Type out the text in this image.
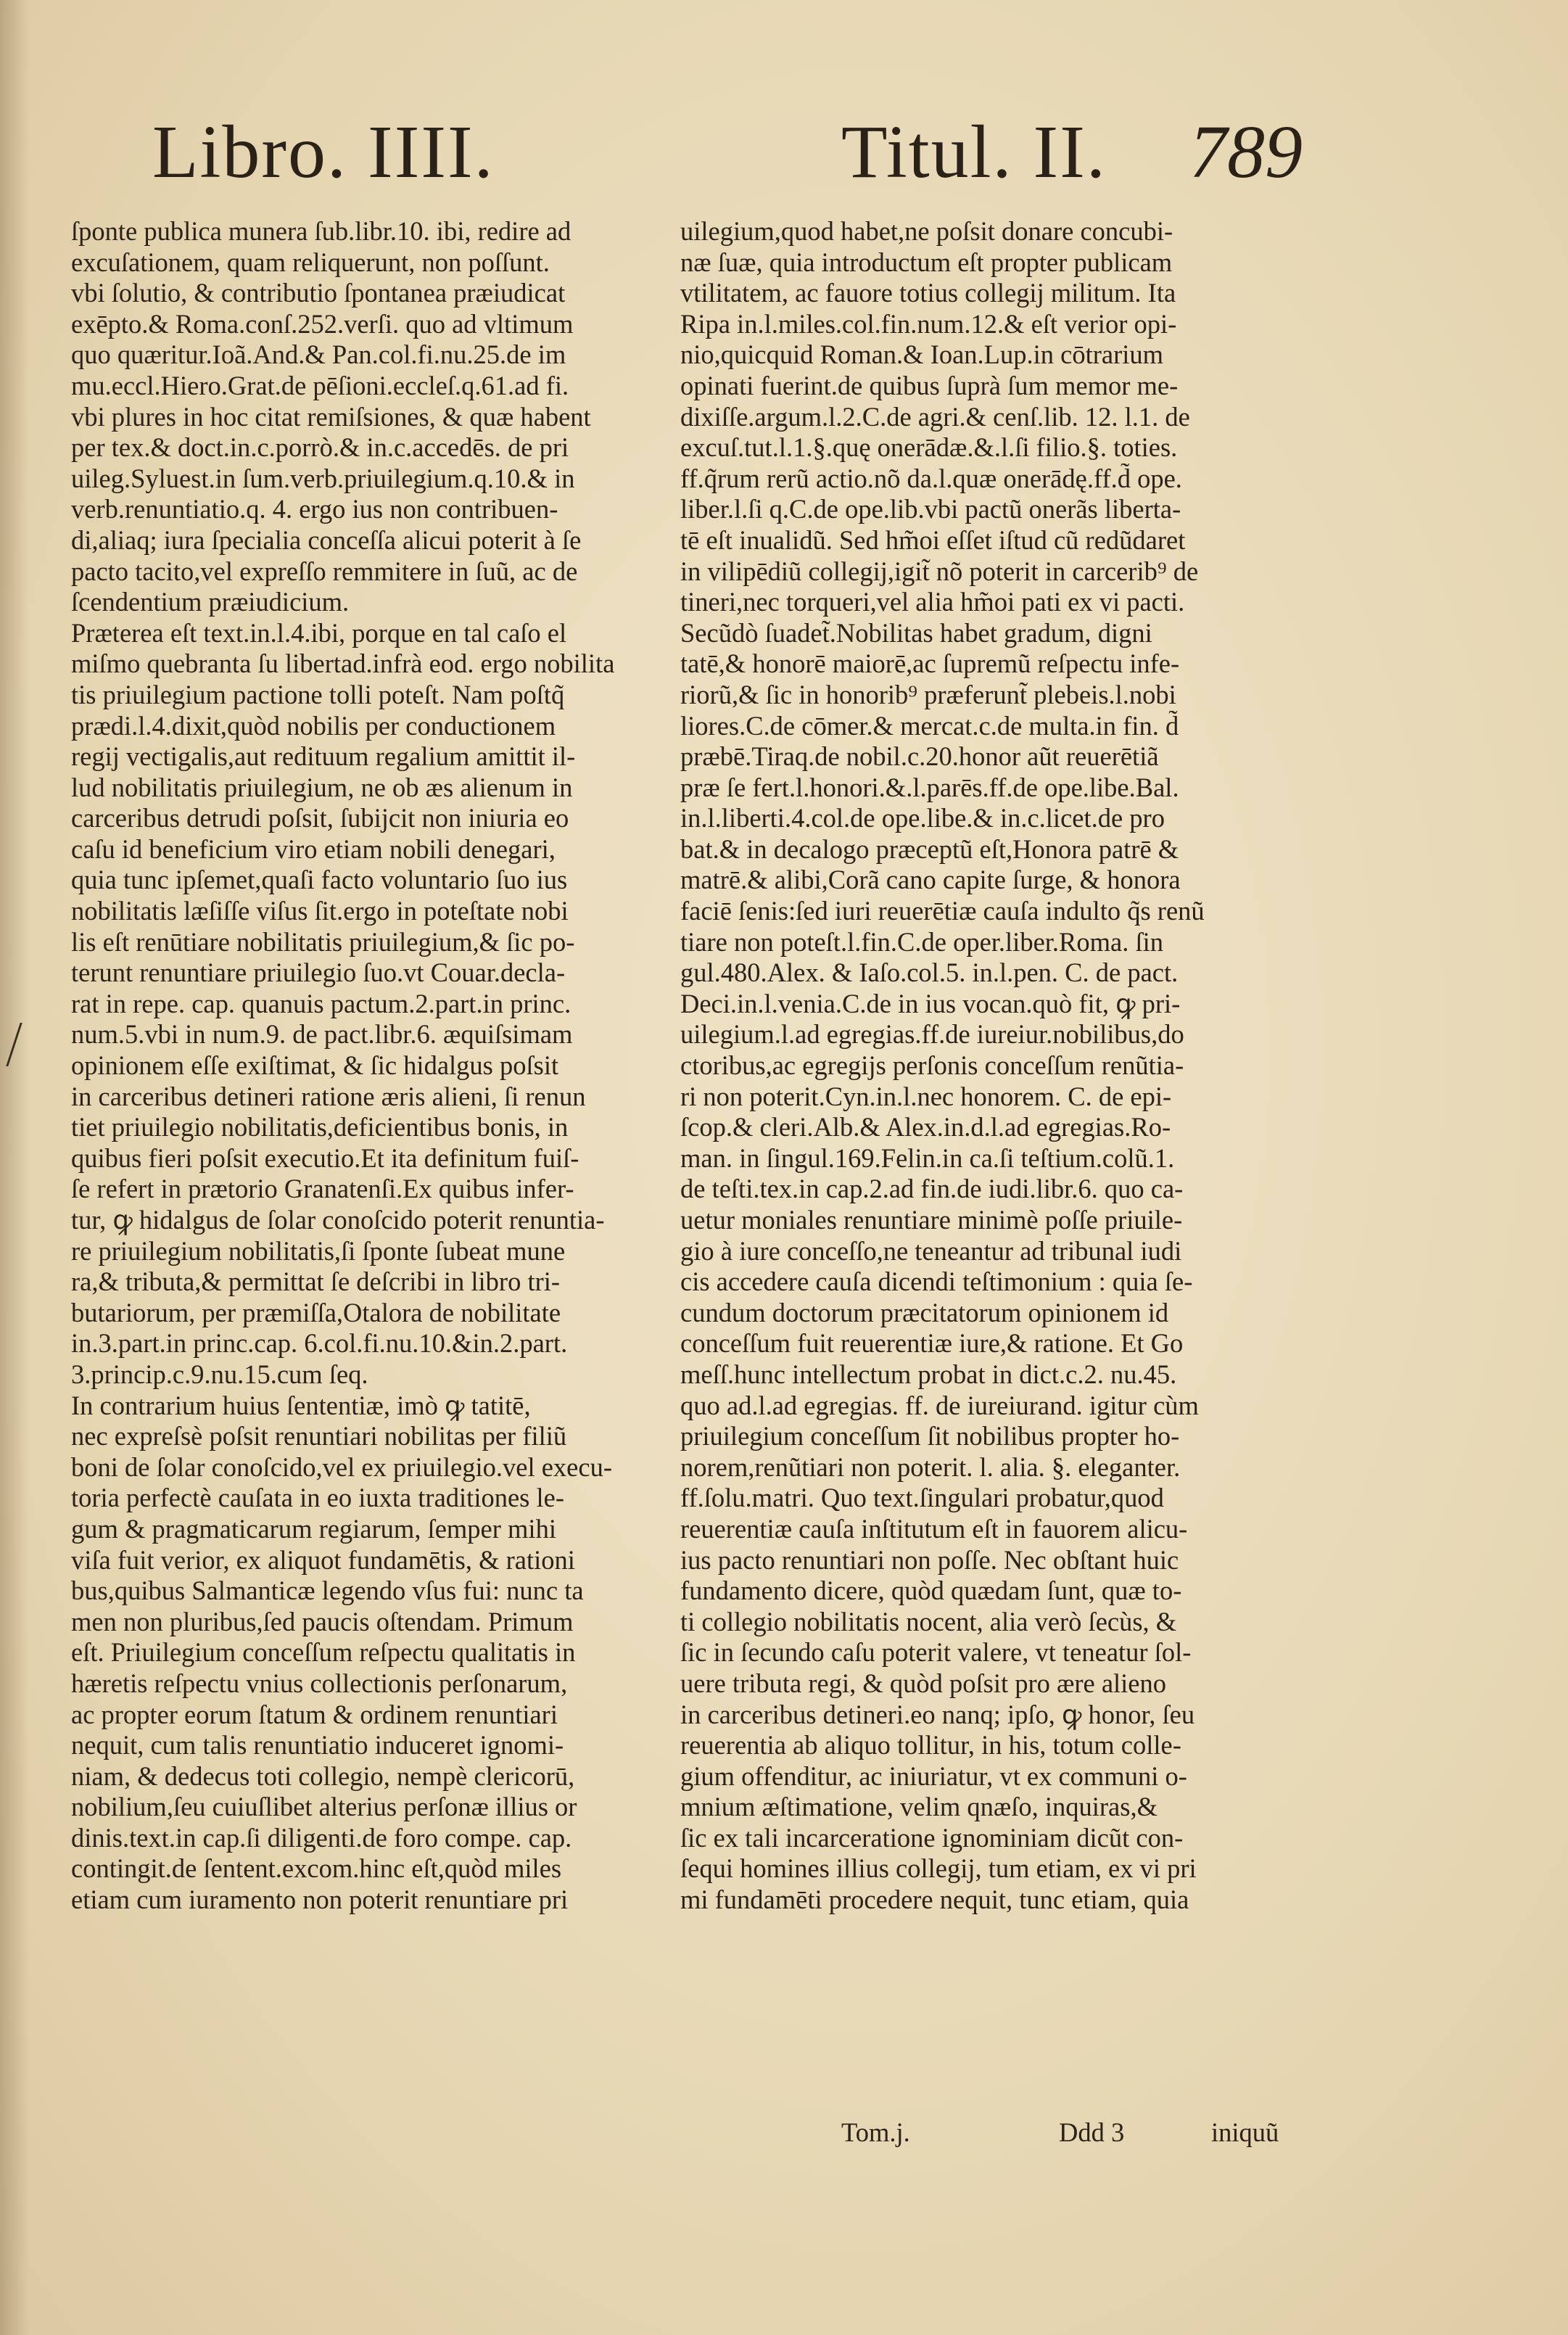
Libro. IIII.	Titul. II. 789
ſponte publica munera ſub.libr.10. ibi, redire ad
excuſationem, quam reliquerunt, non poſſunt.
vbi ſolutio, & contributio ſpontanea præiudicat
exēpto.& Roma.conſ.252.verſi. quo ad vltimum
quo quæritur.Ioã.And.& Pan.col.fi.nu.25.de im
mu.eccl.Hiero.Grat.de pēſioni.eccleſ.q.61.ad fi.
vbi plures in hoc citat remiſsiones, & quæ habent
per tex.& doct.in.c.porrò.& in.c.accedēs. de pri
uileg.Syluest.in ſum.verb.priuilegium.q.10.& in
verb.renuntiatio.q. 4. ergo ius non contribuen-
di,aliaq; iura ſpecialia conceſſa alicui poterit à ſe
pacto tacito,vel expreſſo remmitere in ſuũ, ac de
ſcendentium præiudicium.
Præterea eſt text.in.l.4.ibi, porque en tal caſo el
miſmo quebranta ſu libertad.infrà eod. ergo nobilita
tis priuilegium pactione tolli poteſt. Nam poſtq̃
prædi.l.4.dixit,quòd nobilis per conductionem
regij vectigalis,aut redituum regalium amittit il-
lud nobilitatis priuilegium, ne ob æs alienum in
carceribus detrudi poſsit, ſubijcit non iniuria eo
caſu id beneficium viro etiam nobili denegari,
quia tunc ipſemet,quaſi facto voluntario ſuo ius
nobilitatis læſiſſe viſus ſit.ergo in poteſtate nobi
lis eſt renūtiare nobilitatis priuilegium,& ſic po-
terunt renuntiare priuilegio ſuo.vt Couar.decla-
rat in repe. cap. quanuis pactum.2.part.in princ.
num.5.vbi in num.9. de pact.libr.6. æquiſsimam
opinionem eſſe exiſtimat, & ſic hidalgus poſsit
in carceribus detineri ratione æris alieni, ſi renun
tiet priuilegio nobilitatis,deficientibus bonis, in
quibus fieri poſsit executio.Et ita definitum fuiſ-
ſe refert in prætorio Granatenſi.Ex quibus infer-
tur, ꝙ hidalgus de ſolar conoſcido poterit renuntia-
re priuilegium nobilitatis,ſi ſponte ſubeat mune
ra,& tributa,& permittat ſe deſcribi in libro tri-
butariorum, per præmiſſa,Otalora de nobilitate
in.3.part.in princ.cap. 6.col.fi.nu.10.&in.2.part.
3.princip.c.9.nu.15.cum ſeq.
In contrarium huius ſententiæ, imò ꝙ tatitē,
nec expreſsè poſsit renuntiari nobilitas per filiũ
boni de ſolar conoſcido,vel ex priuilegio.vel execu-
toria perfectè cauſata in eo iuxta traditiones le-
gum & pragmaticarum regiarum, ſemper mihi
viſa fuit verior, ex aliquot fundamētis, & rationi
bus,quibus Salmanticæ legendo vſus fui: nunc ta
men non pluribus,ſed paucis oſtendam. Primum
eſt. Priuilegium conceſſum reſpectu qualitatis in
hæretis reſpectu vnius collectionis perſonarum,
ac propter eorum ſtatum & ordinem renuntiari
nequit, cum talis renuntiatio induceret ignomi-
niam, & dedecus toti collegio, nempè clericorū,
nobilium,ſeu cuiuſlibet alterius perſonæ illius or
dinis.text.in cap.ſi diligenti.de foro compe. cap.
contingit.de ſentent.excom.hinc eſt,quòd miles
etiam cum iuramento non poterit renuntiare pri
uilegium,quod habet,ne poſsit donare concubi-
næ ſuæ, quia introductum eſt propter publicam
vtilitatem, ac fauore totius collegij militum. Ita
Ripa in.l.miles.col.fin.num.12.& eſt verior opi-
nio,quicquid Roman.& Ioan.Lup.in cōtrarium
opinati fuerint.de quibus ſuprà ſum memor me-
dixiſſe.argum.l.2.C.de agri.& cenſ.lib. 12. l.1. de
excuſ.tut.l.1.§.quę onerādæ.&.l.ſi filio.§. toties.
ff.q̃rum rerũ actio.nõ da.l.quæ onerādę.ff.d̃ ope.
liber.l.ſi q.C.de ope.lib.vbi pactũ onerãs liberta-
tē eſt inualidũ. Sed hm̃oi eſſet iſtud cũ redũdaret
in vilipēdiũ collegij,igit̃ nõ poterit in carcerib⁹ de
tineri,nec torqueri,vel alia hm̃oi pati ex vi pacti.
Secũdò ſuadet̃.Nobilitas habet gradum, digni
tatē,& honorē maiorē,ac ſupremũ reſpectu infe-
riorũ,& ſic in honorib⁹ præferunt̃ plebeis.l.nobi
liores.C.de cōmer.& mercat.c.de multa.in fin. d̃
præbē.Tiraq.de nobil.c.20.honor aũt reuerētiã
præ ſe fert.l.honori.&.l.parēs.ff.de ope.libe.Bal.
in.l.liberti.4.col.de ope.libe.& in.c.licet.de pro
bat.& in decalogo præceptũ eſt,Honora patrē &
matrē.& alibi,Corã cano capite ſurge, & honora
faciē ſenis:ſed iuri reuerētiæ cauſa indulto q̃s renũ
tiare non poteſt.l.fin.C.de oper.liber.Roma. ſin
gul.480.Alex. & Iaſo.col.5. in.l.pen. C. de pact.
Deci.in.l.venia.C.de in ius vocan.quò fit, ꝙ pri-
uilegium.l.ad egregias.ff.de iureiur.nobilibus,do
ctoribus,ac egregijs perſonis conceſſum renũtia-
ri non poterit.Cyn.in.l.nec honorem. C. de epi-
ſcop.& cleri.Alb.& Alex.in.d.l.ad egregias.Ro-
man. in ſingul.169.Felin.in ca.ſi teſtium.colũ.1.
de teſti.tex.in cap.2.ad fin.de iudi.libr.6. quo ca-
uetur moniales renuntiare minimè poſſe priuile-
gio à iure conceſſo,ne teneantur ad tribunal iudi
cis accedere cauſa dicendi teſtimonium : quia ſe-
cundum doctorum præcitatorum opinionem id
conceſſum fuit reuerentiæ iure,& ratione. Et Go
meſſ.hunc intellectum probat in dict.c.2. nu.45.
quo ad.l.ad egregias. ff. de iureiurand. igitur cùm
priuilegium conceſſum ſit nobilibus propter ho-
norem,renũtiari non poterit. l. alia. §. eleganter.
ff.ſolu.matri. Quo text.ſingulari probatur,quod
reuerentiæ cauſa inſtitutum eſt in fauorem alicu-
ius pacto renuntiari non poſſe. Nec obſtant huic
fundamento dicere, quòd quædam ſunt, quæ to-
ti collegio nobilitatis nocent, alia verò ſecùs, &
ſic in ſecundo caſu poterit valere, vt teneatur ſol-
uere tributa regi, & quòd poſsit pro ære alieno
in carceribus detineri.eo nanq; ipſo, ꝙ honor, ſeu
reuerentia ab aliquo tollitur, in his, totum colle-
gium offenditur, ac iniuriatur, vt ex communi o-
mnium æſtimatione, velim qnæſo, inquiras,&
ſic ex tali incarceratione ignominiam dicũt con-
ſequi homines illius collegij, tum etiam, ex vi pri
mi fundamēti procedere nequit, tunc etiam, quia
Tom.j.	Ddd 3	iniquũ
